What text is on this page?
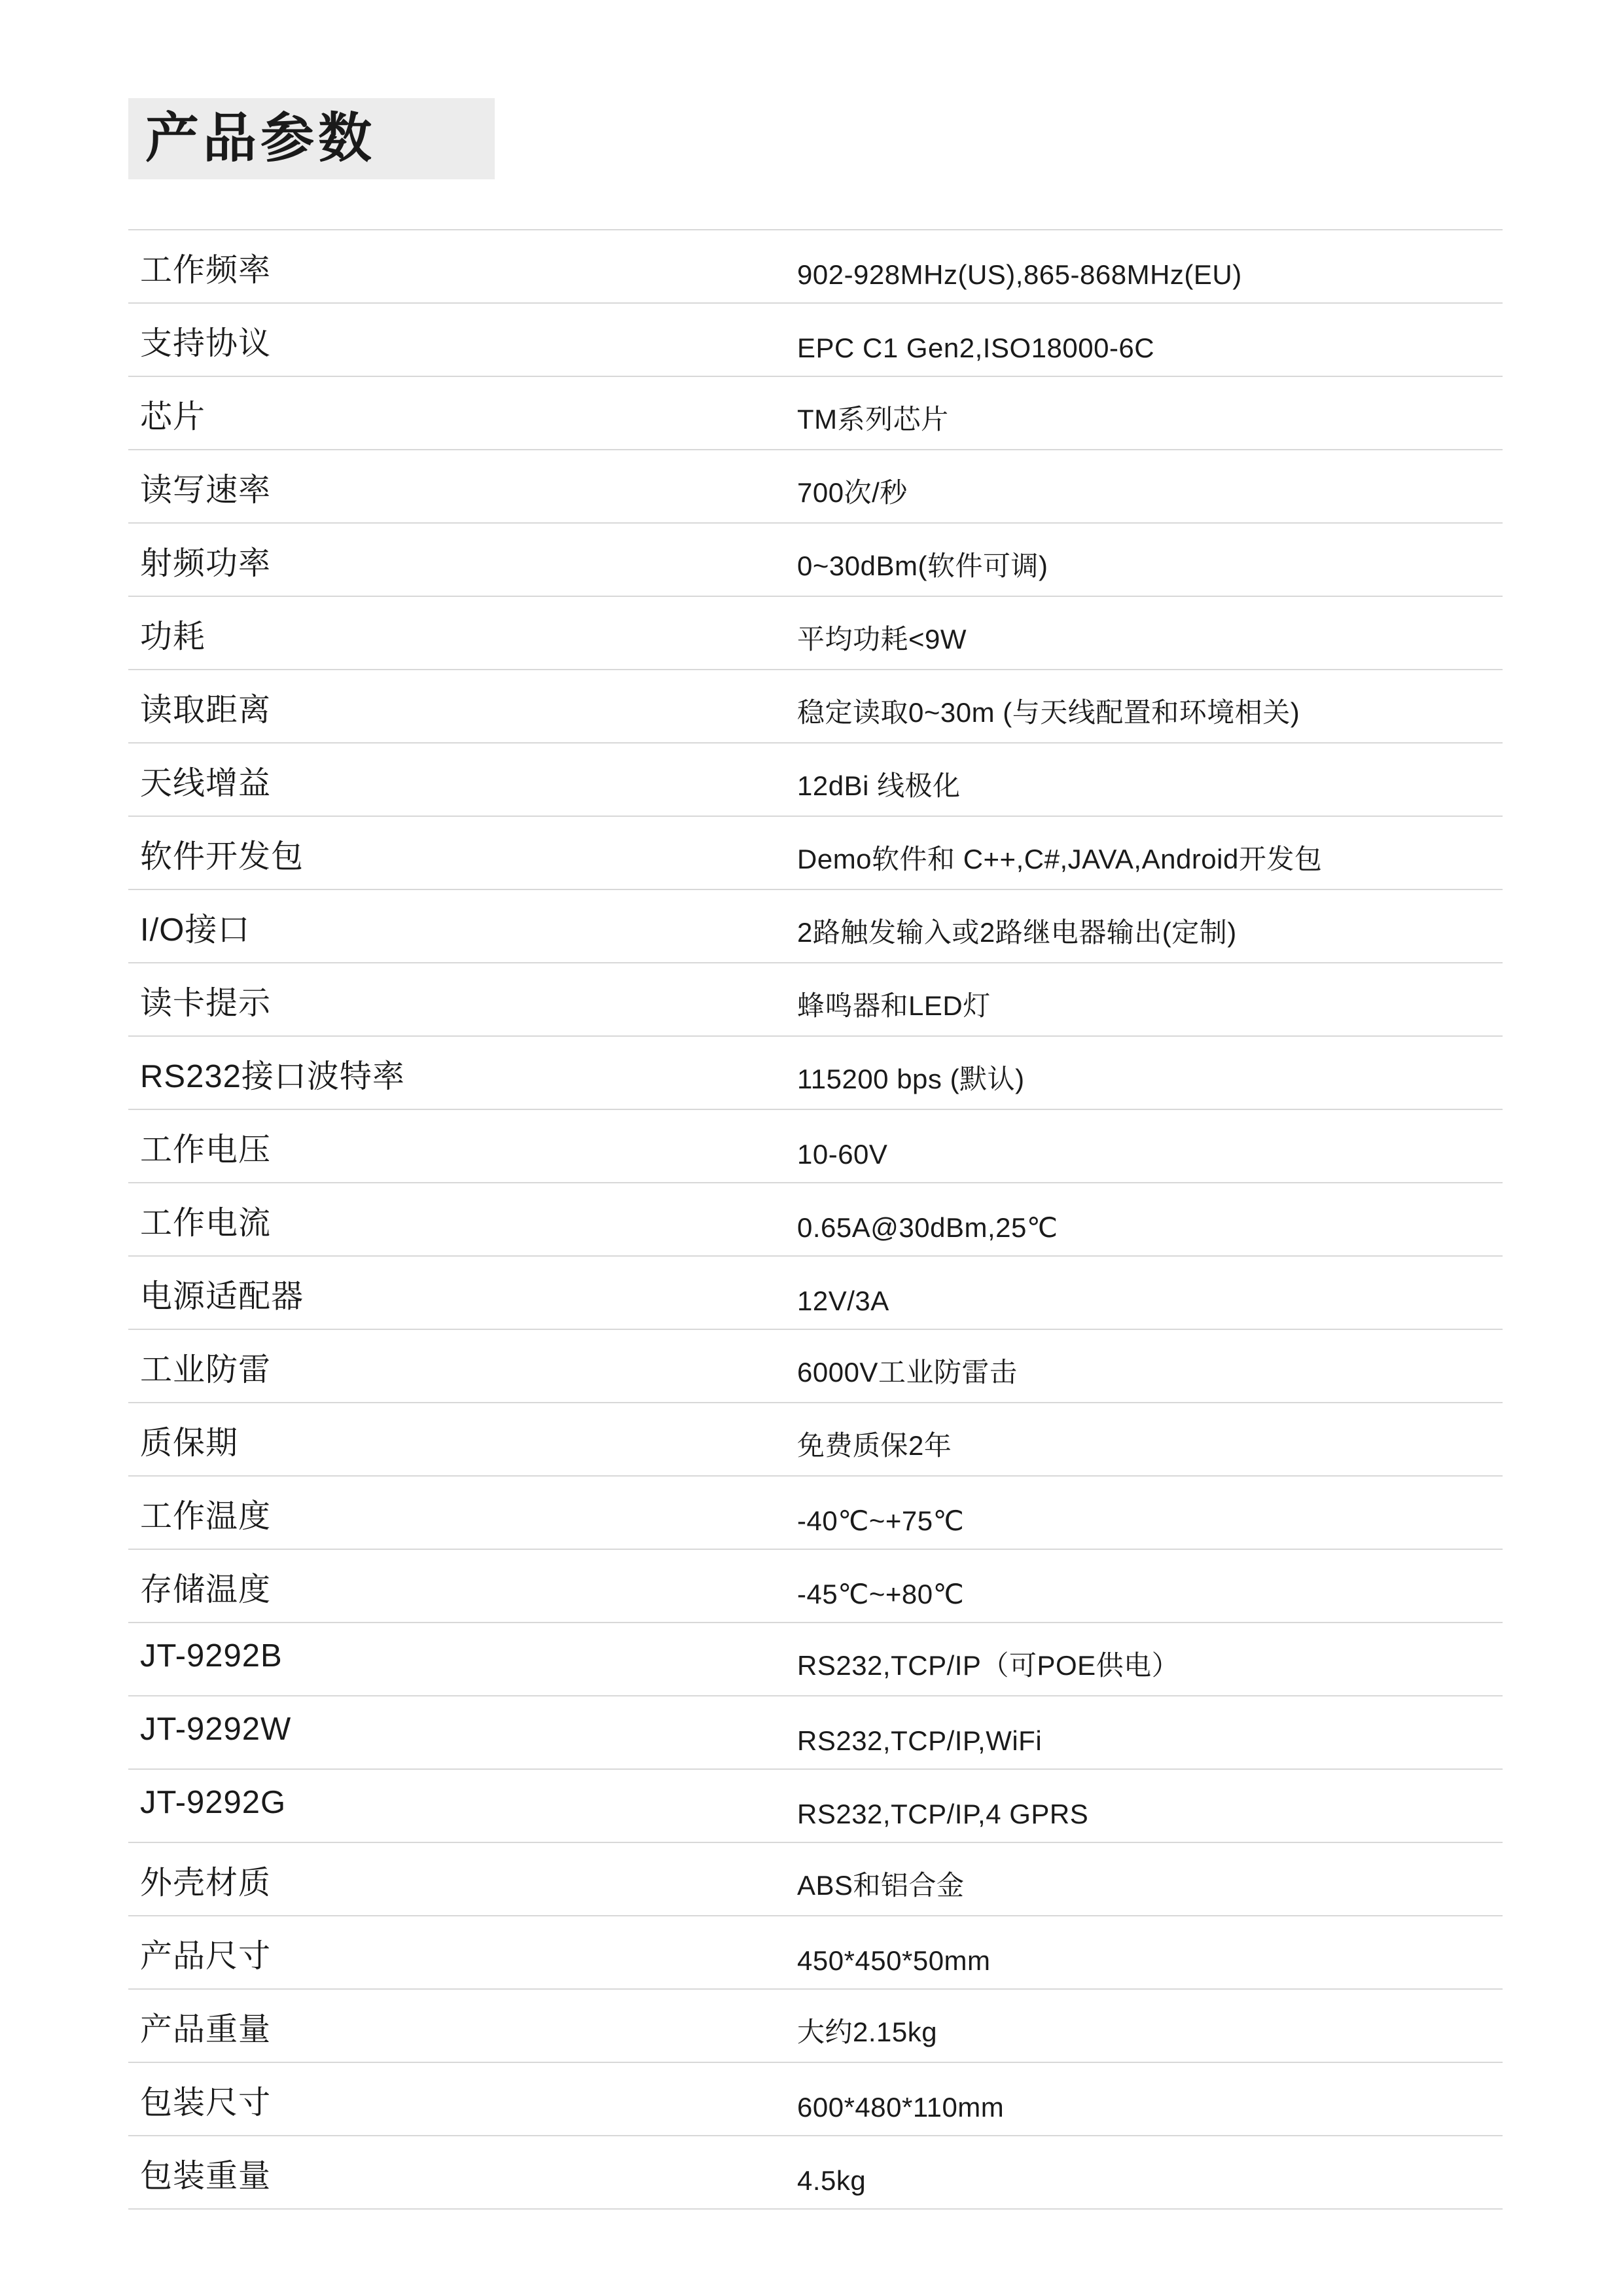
产品参数
工作频率	902-928MHz(US),865-868MHz(EU)
支持协议	EPC C1 Gen2,ISO18000-6C
芯片	TM系列芯片
读写速率	700次/秒
射频功率	0~30dBm(软件可调)
功耗	平均功耗<9W
读取距离	稳定读取0~30m (与天线配置和环境相关)
天线增益	12dBi 线极化
软件开发包	Demo软件和 C++,C#,JAVA,Android开发包
I/O接口	2路触发输入或2路继电器输出(定制)
读卡提示	蜂鸣器和LED灯
RS232接口波特率	115200 bps (默认)
工作电压	10-60V
工作电流	0.65A@30dBm,25℃
电源适配器	12V/3A
工业防雷	6000V工业防雷击
质保期	免费质保2年
工作温度	-40℃~+75℃
存储温度	-45℃~+80℃
JT-9292B	RS232,TCP/IP（可POE供电）
JT-9292W	RS232,TCP/IP,WiFi
JT-9292G	RS232,TCP/IP,4 GPRS
外壳材质	ABS和铝合金
产品尺寸	450*450*50mm
产品重量	大约2.15kg
包装尺寸	600*480*110mm
包装重量	4.5kg
